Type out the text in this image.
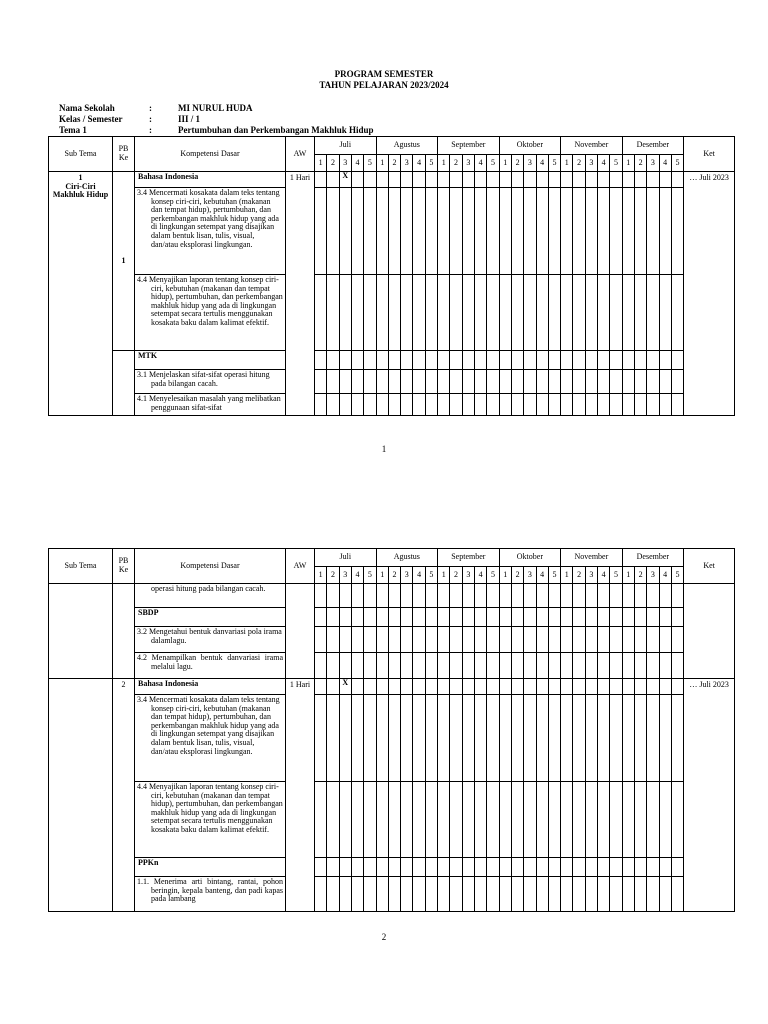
PROGRAM SEMESTER
TAHUN PELAJARAN 2023/2024
Nama Sekolah	:	MI NURUL HUDA
Kelas / Semester	:	III / 1
Tema 1	:	Pertumbuhan dan Perkembangan Makhluk Hidup
Sub Tema	PB Ke	Kompetensi Dasar	AW	Juli					Agustus					September					Oktober					November					Desember					Ket
				1	2	3	4	5	1	2	3	4	5	1	2	3	4	5	1	2	3	4	5	1	2	3	4	5	1	2	3	4	5	

1
Ciri-Ciri Makhluk Hidup	1	Bahasa Indonesia	1 Hari			X																												… Juli 2023
		3.4 Mencermati kosakata dalam teks tentang konsep ciri-ciri, kebutuhan (makanan dan tempat hidup), pertumbuhan, dan perkembangan makhluk hidup yang ada di lingkungan setempat yang disajikan dalam bentuk lisan, tulis, visual, dan/atau eksplorasi lingkungan.																																
		4.4 Menyajikan laporan tentang konsep ciri-ciri, kebutuhan (makanan dan tempat hidup), pertumbuhan, dan perkembangan makhluk hidup yang ada di lingkungan setempat secara tertulis menggunakan kosakata baku dalam kalimat efektif.																																
		MTK																																
		3.1 Menjelaskan sifat-sifat operasi hitung pada bilangan cacah.																																
		4.1 Menyelesaikan masalah yang melibatkan penggunaan sifat-sifat																																
1
Sub Tema	PB Ke	Kompetensi Dasar	AW	Juli					Agustus					September					Oktober					November					Desember					Ket
				1	2	3	4	5	1	2	3	4	5	1	2	3	4	5	1	2	3	4	5	1	2	3	4	5	1	2	3	4	5	
		operasi hitung pada bilangan cacah.																																
		SBDP																																
		3.2 Mengetahui bentuk danvariasi pola irama dalamlagu.																																
		4.2 Menampilkan bentuk danvariasi irama melalui lagu.																																

	2	Bahasa Indonesia	1 Hari			X																												… Juli 2023
		3.4 Mencermati kosakata dalam teks tentang konsep ciri-ciri, kebutuhan (makanan dan tempat hidup), pertumbuhan, dan perkembangan makhluk hidup yang ada di lingkungan setempat yang disajikan dalam bentuk lisan, tulis, visual, dan/atau eksplorasi lingkungan.																																
		4.4 Menyajikan laporan tentang konsep ciri-ciri, kebutuhan (makanan dan tempat hidup), pertumbuhan, dan perkembangan makhluk hidup yang ada di lingkungan setempat secara tertulis menggunakan kosakata baku dalam kalimat efektif.																																
		PPKn																																
		1.1. Menerima arti bintang, rantai, pohon beringin, kepala banteng, dan padi kapas pada lambang																																
2
